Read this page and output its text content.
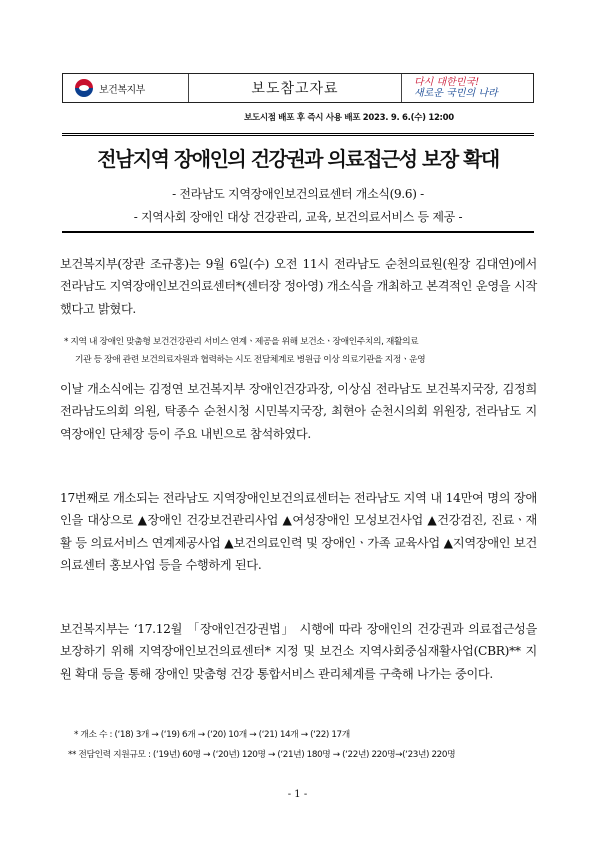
보건복지부	보도참고자료	다시 대한민국!
새로운 국민의 나라
보도시점 배포 후 즉시 사용 배포 2023. 9. 6.(수) 12:00
전남지역 장애인의 건강권과 의료접근성 보장 확대
- 전라남도 지역장애인보건의료센터 개소식(9.6) -
- 지역사회 장애인 대상 건강관리, 교육, 보건의료서비스 등 제공 -
보건복지부(장관 조규홍)는 9월 6일(수) 오전 11시 전라남도 순천의료원(원장 김대연)에서 전라남도 지역장애인보건의료센터*(센터장 정아영) 개소식을 개최하고 본격적인 운영을 시작했다고 밝혔다.
* 지역 내 장애인 맞춤형 보건건강관리 서비스 연계ㆍ제공을 위해 보건소ㆍ장애인주치의, 재활의료
기관 등 장애 관련 보건의료자원과 협력하는 시도 전담체계로 병원급 이상 의료기관을 지정ㆍ운영
이날 개소식에는 김정연 보건복지부 장애인건강과장, 이상심 전라남도 보건복지국장, 김정희 전라남도의회 의원, 탁종수 순천시청 시민복지국장, 최현아 순천시의회 위원장, 전라남도 지역장애인 단체장 등이 주요 내빈으로 참석하였다.
17번째로 개소되는 전라남도 지역장애인보건의료센터는 전라남도 지역 내 14만여 명의 장애인을 대상으로 ▲장애인 건강보건관리사업 ▲여성장애인 모성보건사업 ▲건강검진, 진료ㆍ재활 등 의료서비스 연계제공사업 ▲보건의료인력 및 장애인ㆍ가족 교육사업 ▲지역장애인 보건의료센터 홍보사업 등을 수행하게 된다.
보건복지부는 ‘17.12월 「장애인건강권법」 시행에 따라 장애인의 건강권과 의료접근성을 보장하기 위해 지역장애인보건의료센터* 지정 및 보건소 지역사회중심재활사업(CBR)** 지원 확대 등을 통해 장애인 맞춤형 건강 통합서비스 관리체계를 구축해 나가는 중이다.
* 개소 수 : (‘18) 3개 → (‘19) 6개 → (‘20) 10개 → (‘21) 14개 → (‘22) 17개
** 전담인력 지원규모 : (‘19년) 60명 → (‘20년) 120명 → (‘21년) 180명 → (‘22년) 220명→(‘23년) 220명
- 1 -
